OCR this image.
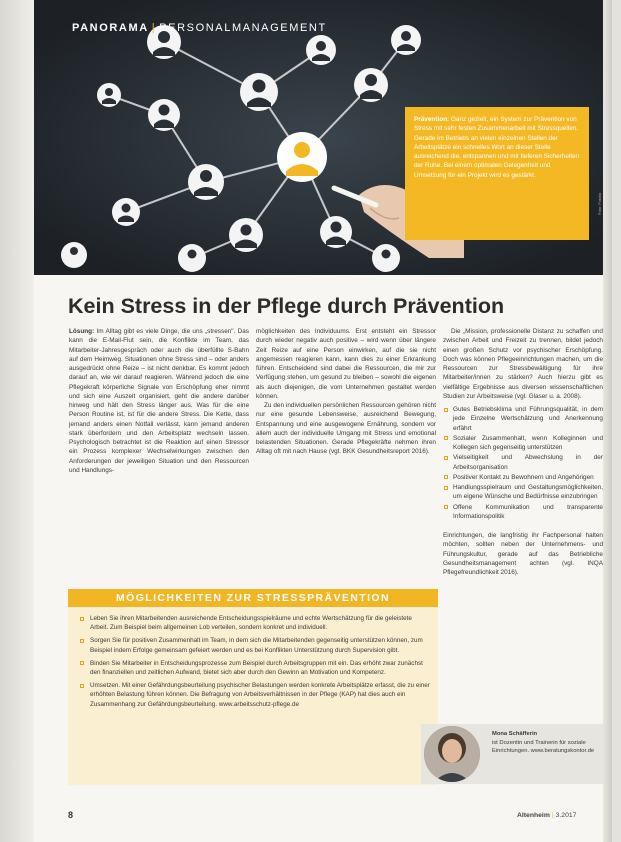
PANORAMA | PERSONALMANAGEMENT

Prävention: Ganz gezielt, ein System zur Prävention von Stress mit sehr festen Zusammenarbeit mit Stressquellen. Gerade im Betriebs an vielen einzelnen Stellen der Arbeitsplätze ein schnelles Wort an dieser Stelle ausreichend die, entspannen und mit tieferen Sicherheiten der Ruhe. Bei einem optimalen Gelegenheit und Umsetzung für ein Projekt wird es gestärkt.

Foto: Fotolia
Kein Stress in der Pflege durch Prävention

Lösung: Im Alltag gibt es viele Dinge, die uns „stressen". Das kann die E-Mail-Flut sein, die Konflikte im Team, das Mitarbeiter-Jahresgespräch oder auch die überfüllte S-Bahn auf dem Heimweg. Situationen ohne Stress sind – oder anders ausgedrückt ohne Reize – ist nicht denkbar. Es kommt jedoch darauf an, wie wir darauf reagieren. Während jedoch die eine Pflegekraft körperliche Signale von Erschöpfung eher nimmt und sich eine Auszeit organisiert, geht die andere darüber hinweg und hält den Stress länger aus. Was für die eine Person Routine ist, ist für die andere Stress. Die Kette, dass jemand anders einen Notfall verlässt, kann jemand anderen stark überfordern und den Arbeitsplatz wechseln lassen. Psychologisch betrachtet ist die Reaktion auf einen Stressor ein Prozess komplexer Wechselwirkungen zwischen den Anforderungen der jeweiligen Situation und den Ressourcen und Handlungs-

möglichkeiten des Individuums. Erst entsteht ein Stressor durch wieder negativ auch positive – wird wenn über längere Zeit Reize auf eine Person einwirken, auf die sie nicht angemessen reagieren kann, kann dies zu einer Erkrankung führen. Entscheidend sind dabei die Ressourcen, die mir zur Verfügung stehen, um gesund zu bleiben – sowohl die eigenen als auch diejenigen, die vom Unternehmen gestaltet werden können.

Zu den individuellen persönlichen Ressourcen gehören nicht nur eine gesunde Lebensweise, ausreichend Bewegung, Entspannung und eine ausgewogene Ernährung, sondern vor allem auch der individuelle Umgang mit Stress und emotional belastenden Situationen. Gerade Pflegekräfte nehmen ihren Alltag oft mit nach Hause (vgl. BKK Gesundheitsreport 2016).

Die „Mission, professionelle Distanz zu schaffen und zwischen Arbeit und Freizeit zu trennen, bildet jedoch einen großen Schutz vor psychischer Erschöpfung. Doch was können Pflegeeinrichtungen machen, um die Ressourcen zur Stressbewältigung für ihre Mitarbeiter/innen zu stärken? Auch hierzu gibt es vielfältige Ergebnisse aus diversen wissenschaftlichen Studien zur Arbeitsweise (vgl. Glaser u. a. 2008).

Gutes Betriebsklima und Führungsqualität, in dem jede Einzelne Wertschätzung und Anerkennung erfährt
Sozialer Zusammenhalt, wenn Kolleginnen und Kollegen sich gegenseitig unterstützen
Vielseitigkeit und Abwechslung in der Arbeitsorganisation
Positiver Kontakt zu Bewohnern und Angehörigen
Handlungsspielraum und Gestaltungsmöglichkeiten, um eigene Wünsche und Bedürfnisse einzubringen
Offene Kommunikation und transparente Informationspolitik

Einrichtungen, die langfristig ihr Fachpersonal halten möchten, sollten neben der Unternehmens- und Führungskultur, gerade auf das Betriebliche Gesundheitsmanagement achten (vgl. INQA Pflegefreundlichkeit 2016).

MÖGLICHKEITEN ZUR STRESSPRÄVENTION
Leben Sie ihren Mitarbeitenden ausreichende Entscheidungsspielräume und echte Wertschätzung für die geleistete Arbeit. Zum Beispiel beim allgemeinen Lob verteilen, sondern konkret und individuell.
Sorgen Sie für positiven Zusammenhalt im Team, in dem sich die Mitarbeitenden gegenseitig unterstützen können, zum Beispiel indem Erfolge gemeinsam gefeiert werden und es bei Konflikten Unterstützung durch Supervision gibt.
Binden Sie Mitarbeiter in Entscheidungsprozesse zum Beispiel durch Arbeitsgruppen mit ein. Das erhöht zwar zunächst den finanziellen und zeitlichen Aufwand, bietet sich aber durch den Gewinn an Motivation und Kompetenz.
Umsetzen. Mit einer Gefährdungsbeurteilung psychischer Belastungen werden konkrete Arbeitsplätze erfasst, die zu einer erhöhten Belastung führen können. Die Befragung von Arbeitsverhältnissen in der Pflege (KAP) hat dies auch ein Zusammenhang zur Gefährdungsbeurteilung. www.arbeitsschutz-pflege.de
Mona Schäfferin
ist Dozentin und Trainerin für soziale Einrichtungen. www.beratungskontor.de
8	Altenheim | 3.2017
